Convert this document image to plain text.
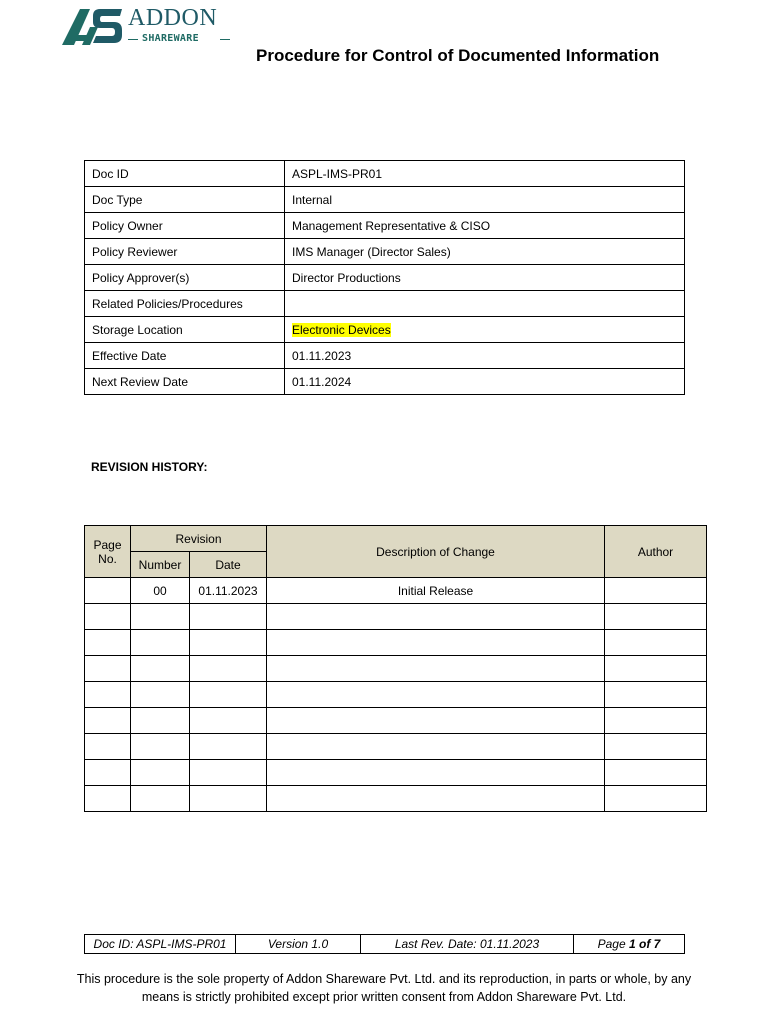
ADDON
SHAREWARE
Procedure for Control of Documented Information
Doc ID	ASPL-IMS-PR01
Doc Type	Internal
Policy Owner	Management Representative & CISO
Policy Reviewer	IMS Manager (Director Sales)
Policy Approver(s)	Director Productions
Related Policies/Procedures	
Storage Location	Electronic Devices
Effective Date	01.11.2023
Next Review Date	01.11.2024
REVISION HISTORY:
Page No.	Revision		Description of Change	Author
	Number	Date		
	00	01.11.2023	Initial Release	

Doc ID: ASPL-IMS-PR01	Version 1.0	Last Rev. Date: 01.11.2023	Page 1 of 7
This procedure is the sole property of Addon Shareware Pvt. Ltd. and its reproduction, in parts or whole, by any means is strictly prohibited except prior written consent from Addon Shareware Pvt. Ltd.
